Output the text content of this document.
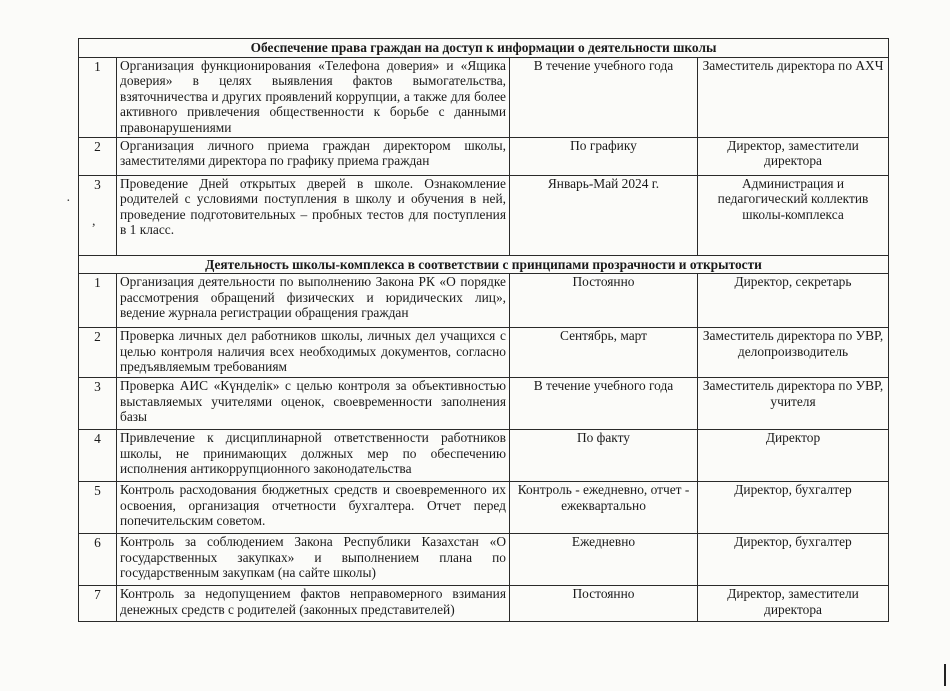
Обеспечение права граждан на доступ к информации о деятельности школы			
1	Организация функционирования «Телефона доверия» и «Ящика доверия» в целях выявления фактов вымогательства, взяточничества и других проявлений коррупции, а также для более активного привлечения общественности к борьбе с данными правонарушениями	В течение учебного года	Заместитель директора по АХЧ
2	Организация личного приема граждан директором школы, заместителями директора по графику приема граждан	По графику	Директор, заместители директора
3	Проведение Дней открытых дверей в школе. Ознакомление родителей с условиями поступления в школу и обучения в ней, проведение подготовительных – пробных тестов для поступления в 1 класс.	Январь-Май 2024 г.	Администрация и педагогический коллектив школы-комплекса
Деятельность школы-комплекса в соответствии с принципами прозрачности и открытости			
1	Организация деятельности по выполнению Закона РК «О порядке рассмотрения обращений физических и юридических лиц», ведение журнала регистрации обращения граждан	Постоянно	Директор, секретарь
2	Проверка личных дел работников школы, личных дел учащихся с целью контроля наличия всех необходимых документов, согласно предъявляемым требованиям	Сентябрь, март	Заместитель директора по УВР, делопроизводитель
3	Проверка АИС «Күнделік» с целью контроля за объективностью выставляемых учителями оценок, своевременности заполнения базы	В течение учебного года	Заместитель директора по УВР, учителя
4	Привлечение к дисциплинарной ответственности работников школы, не принимающих должных мер по обеспечению исполнения антикоррупционного законодательства	По факту	Директор
5	Контроль расходования бюджетных средств и своевременного их освоения, организация отчетности бухгалтера. Отчет перед попечительским советом.	Контроль - ежедневно, отчет - ежеквартально	Директор, бухгалтер
6	Контроль за соблюдением Закона Республики Казахстан «О государственных закупках» и выполнением плана по государственным закупкам (на сайте школы)	Ежедневно	Директор, бухгалтер
7	Контроль за недопущением фактов неправомерного взимания денежных средств с родителей (законных представителей)	Постоянно	Директор, заместители директора
·
,
